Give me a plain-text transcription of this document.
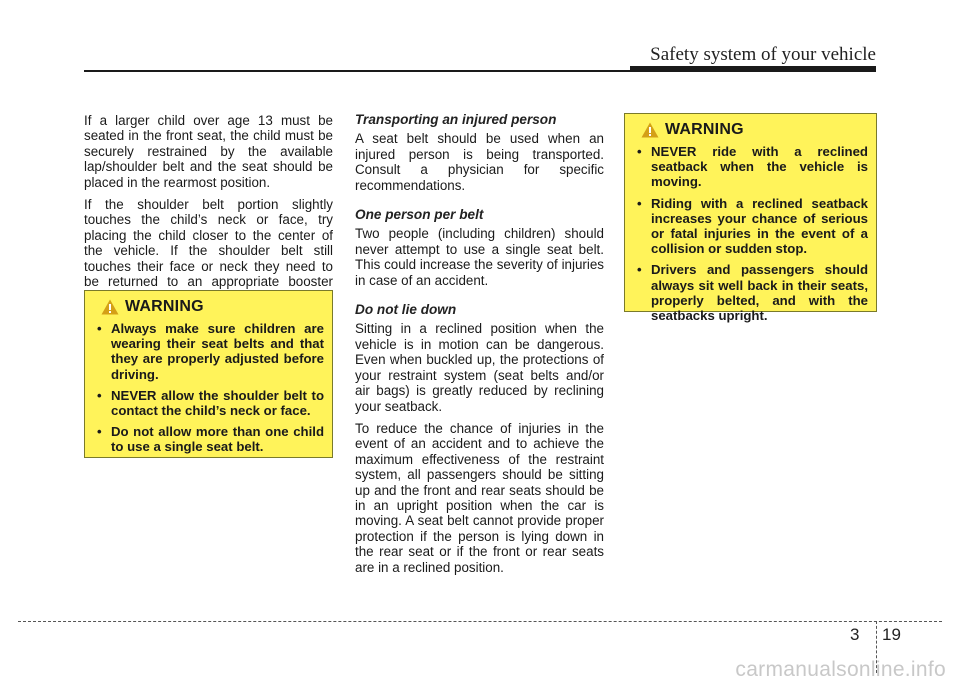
Safety system of your vehicle

If a larger child over age 13 must be seated in the front seat, the child must be securely restrained by the available lap/shoulder belt and the seat should be placed in the rearmost position.

If the shoulder belt portion slightly touches the child’s neck or face, try placing the child closer to the center of the vehicle. If the shoulder belt still touches their face or neck they need to be returned to an appropriate booster

WARNING
• Always make sure children are wearing their seat belts and that they are properly adjusted before driving.
• NEVER allow the shoulder belt to contact the child’s neck or face.
• Do not allow more than one child to use a single seat belt.
Transporting an injured person

A seat belt should be used when an injured person is being transported. Consult a physician for specific recommendations.

One person per belt

Two people (including children) should never attempt to use a single seat belt. This could increase the severity of injuries in case of an accident.

Do not lie down

Sitting in a reclined position when the vehicle is in motion can be dangerous. Even when buckled up, the protections of your restraint system (seat belts and/or air bags) is greatly reduced by reclining your seatback.

To reduce the chance of injuries in the event of an accident and to achieve the maximum effectiveness of the restraint system, all passengers should be sitting up and the front and rear seats should be in an upright position when the car is moving. A seat belt cannot provide proper protection if the person is lying down in the rear seat or if the front or rear seats are in a reclined position.

WARNING
• NEVER ride with a reclined seatback when the vehicle is moving.
• Riding with a reclined seatback increases your chance of serious or fatal injuries in the event of a collision or sudden stop.
• Drivers and passengers should always sit well back in their seats, properly belted, and with the seatbacks upright.
3 19
carmanualsonline.info
